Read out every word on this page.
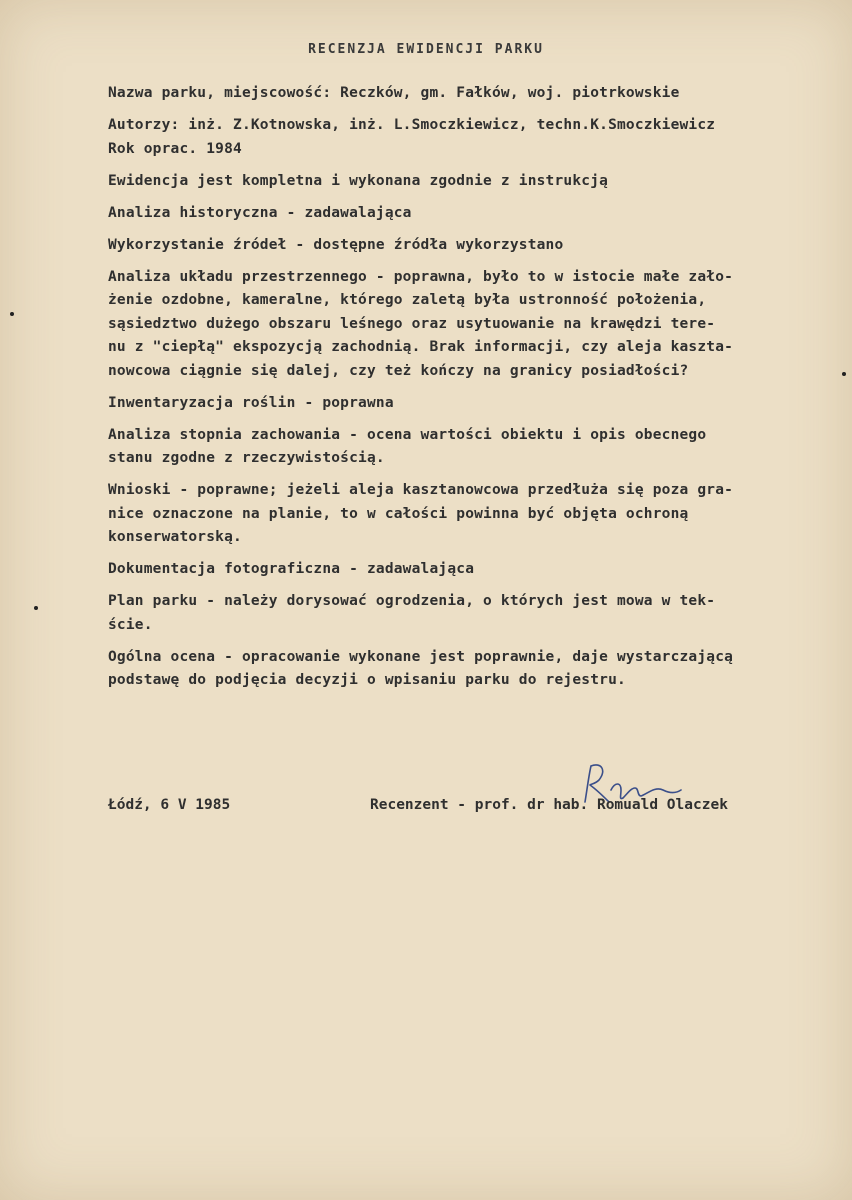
RECENZJA EWIDENCJI PARKU

Nazwa parku, miejscowość: Reczków, gm. Fałków, woj. piotrkowskie

Autorzy: inż. Z.Kotnowska, inż. L.Smoczkiewicz, techn.K.Smoczkiewicz
Rok oprac. 1984

Ewidencja jest kompletna i wykonana zgodnie z instrukcją

Analiza historyczna - zadawalająca

Wykorzystanie źródeł - dostępne źródła wykorzystano

Analiza układu przestrzennego - poprawna, było to w istocie małe zało-
żenie ozdobne, kameralne, którego zaletą była ustronność położenia,
sąsiedztwo dużego obszaru leśnego oraz usytuowanie na krawędzi tere-
nu z "ciepłą" ekspozycją zachodnią. Brak informacji, czy aleja kaszta-
nowcowa ciągnie się dalej, czy też kończy na granicy posiadłości?

Inwentaryzacja roślin - poprawna

Analiza stopnia zachowania - ocena wartości obiektu i opis obecnego
stanu zgodne z rzeczywistością.

Wnioski - poprawne; jeżeli aleja kasztanowcowa przedłuża się poza gra-
nice oznaczone na planie, to w całości powinna być objęta ochroną
konserwatorską.

Dokumentacja fotograficzna - zadawalająca

Plan parku - należy dorysować ogrodzenia, o których jest mowa w tek-
ście.

Ogólna ocena - opracowanie wykonane jest poprawnie, daje wystarczającą
podstawę do podjęcia decyzji o wpisaniu parku do rejestru.

Łódź, 6 V 1985	Recenzent - prof. dr hab. Romuald Olaczek
